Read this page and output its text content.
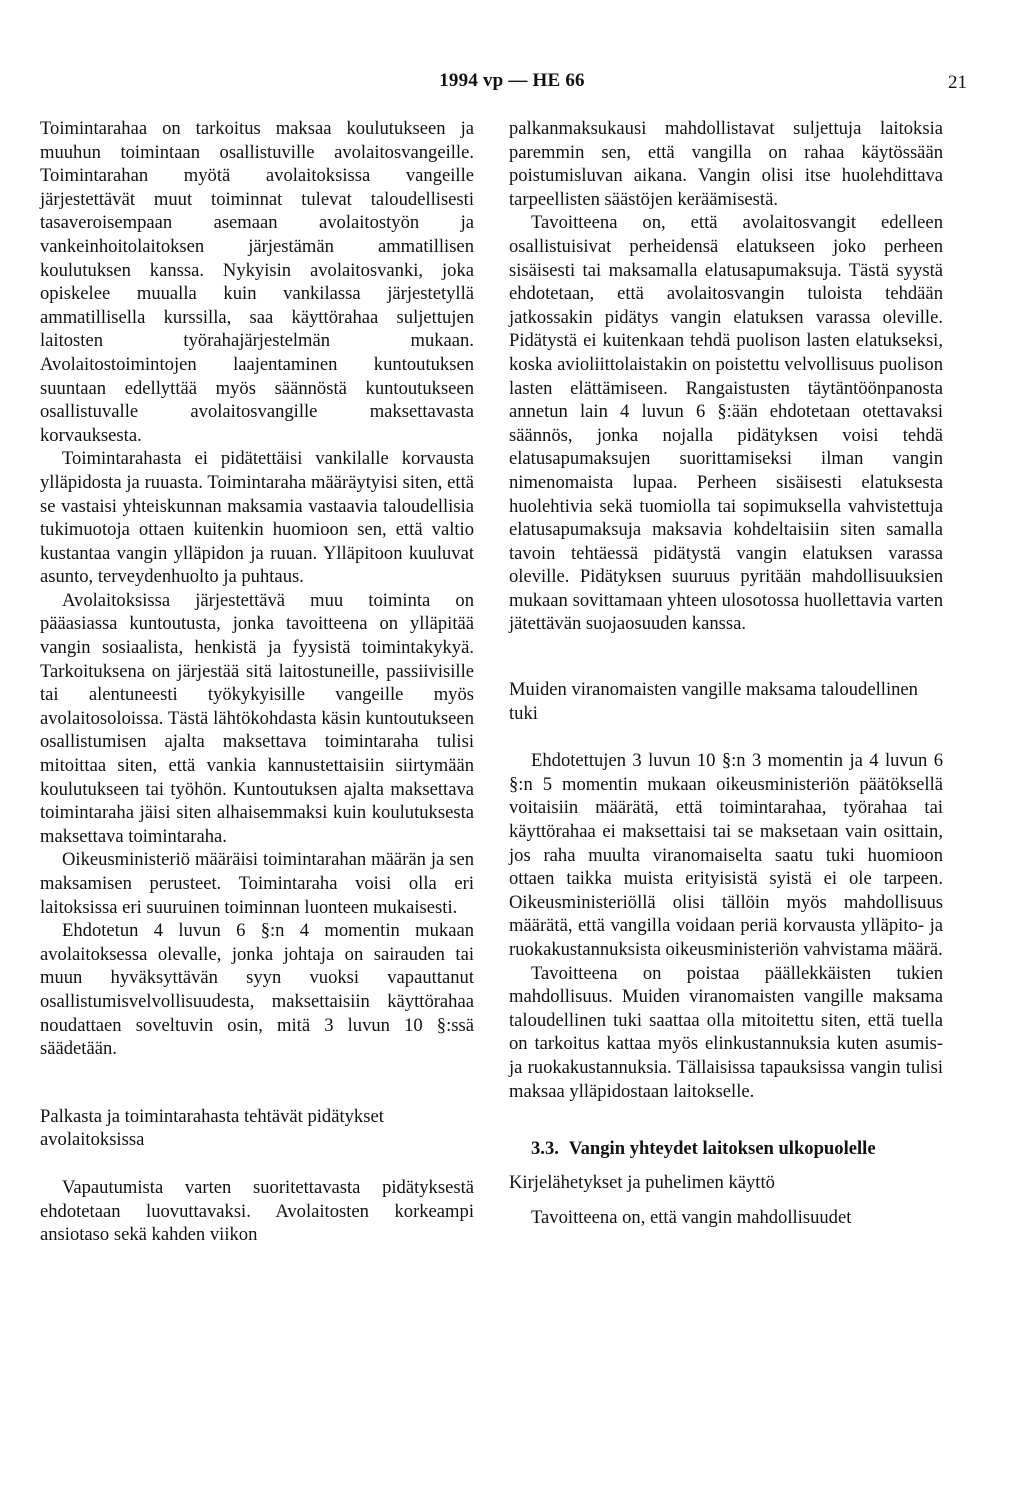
1994 vp — HE 66	21

Toimintarahaa on tarkoitus maksaa koulutukseen ja muuhun toimintaan osallistuville avolaitosvangeille. Toimintarahan myötä avolaitoksissa vangeille järjestettävät muut toiminnat tulevat taloudellisesti tasaveroisempaan asemaan avolaitostyön ja vankeinhoitolaitoksen järjestämän ammatillisen koulutuksen kanssa. Nykyisin avolaitosvanki, joka opiskelee muualla kuin vankilassa järjestetyllä ammatillisella kurssilla, saa käyttörahaa suljettujen laitosten työrahajärjestelmän mukaan. Avolaitostoimintojen laajentaminen kuntoutuksen suuntaan edellyttää myös säännöstä kuntoutukseen osallistuvalle avolaitosvangille maksettavasta korvauksesta.

Toimintarahasta ei pidätettäisi vankilalle korvausta ylläpidosta ja ruuasta. Toimintaraha määräytyisi siten, että se vastaisi yhteiskunnan maksamia vastaavia taloudellisia tukimuotoja ottaen kuitenkin huomioon sen, että valtio kustantaa vangin ylläpidon ja ruuan. Ylläpitoon kuuluvat asunto, terveydenhuolto ja puhtaus.

Avolaitoksissa järjestettävä muu toiminta on pääasiassa kuntoutusta, jonka tavoitteena on ylläpitää vangin sosiaalista, henkistä ja fyysistä toimintakykyä. Tarkoituksena on järjestää sitä laitostuneille, passiivisille tai alentuneesti työkykyisille vangeille myös avolaitosoloissa. Tästä lähtökohdasta käsin kuntoutukseen osallistumisen ajalta maksettava toimintaraha tulisi mitoittaa siten, että vankia kannustettaisiin siirtymään koulutukseen tai työhön. Kuntoutuksen ajalta maksettava toimintaraha jäisi siten alhaisemmaksi kuin koulutuksesta maksettava toimintaraha.

Oikeusministeriö määräisi toimintarahan määrän ja sen maksamisen perusteet. Toimintaraha voisi olla eri laitoksissa eri suuruinen toiminnan luonteen mukaisesti.

Ehdotetun 4 luvun 6 §:n 4 momentin mukaan avolaitoksessa olevalle, jonka johtaja on sairauden tai muun hyväksyttävän syyn vuoksi vapauttanut osallistumisvelvollisuudesta, maksettaisiin käyttörahaa noudattaen soveltuvin osin, mitä 3 luvun 10 §:ssä säädetään.

Palkasta ja toimintarahasta tehtävät pidätykset avolaitoksissa

Vapautumista varten suoritettavasta pidätyksestä ehdotetaan luovuttavaksi. Avolaitosten korkeampi ansiotaso sekä kahden viikon

palkanmaksukausi mahdollistavat suljettuja laitoksia paremmin sen, että vangilla on rahaa käytössään poistumisluvan aikana. Vangin olisi itse huolehdittava tarpeellisten säästöjen keräämisestä.

Tavoitteena on, että avolaitosvangit edelleen osallistuisivat perheidensä elatukseen joko perheen sisäisesti tai maksamalla elatusapumaksuja. Tästä syystä ehdotetaan, että avolaitosvangin tuloista tehdään jatkossakin pidätys vangin elatuksen varassa oleville. Pidätystä ei kuitenkaan tehdä puolison lasten elatukseksi, koska avioliittolaistakin on poistettu velvollisuus puolison lasten elättämiseen. Rangaistusten täytäntöönpanosta annetun lain 4 luvun 6 §:ään ehdotetaan otettavaksi säännös, jonka nojalla pidätyksen voisi tehdä elatusapumaksujen suorittamiseksi ilman vangin nimenomaista lupaa. Perheen sisäisesti elatuksesta huolehtivia sekä tuomiolla tai sopimuksella vahvistettuja elatusapumaksuja maksavia kohdeltaisiin siten samalla tavoin tehtäessä pidätystä vangin elatuksen varassa oleville. Pidätyksen suuruus pyritään mahdollisuuksien mukaan sovittamaan yhteen ulosotossa huollettavia varten jätettävän suojaosuuden kanssa.

Muiden viranomaisten vangille maksama taloudellinen tuki

Ehdotettujen 3 luvun 10 §:n 3 momentin ja 4 luvun 6 §:n 5 momentin mukaan oikeusministeriön päätöksellä voitaisiin määrätä, että toimintarahaa, työrahaa tai käyttörahaa ei maksettaisi tai se maksetaan vain osittain, jos raha muulta viranomaiselta saatu tuki huomioon ottaen taikka muista erityisistä syistä ei ole tarpeen. Oikeusministeriöllä olisi tällöin myös mahdollisuus määrätä, että vangilla voidaan periä korvausta ylläpito- ja ruokakustannuksista oikeusministeriön vahvistama määrä.

Tavoitteena on poistaa päällekkäisten tukien mahdollisuus. Muiden viranomaisten vangille maksama taloudellinen tuki saattaa olla mitoitettu siten, että tuella on tarkoitus kattaa myös elinkustannuksia kuten asumis- ja ruokakustannuksia. Tällaisissa tapauksissa vangin tulisi maksaa ylläpidostaan laitokselle.

3.3. Vangin yhteydet laitoksen ulkopuolelle

Kirjelähetykset ja puhelimen käyttö

Tavoitteena on, että vangin mahdollisuudet
